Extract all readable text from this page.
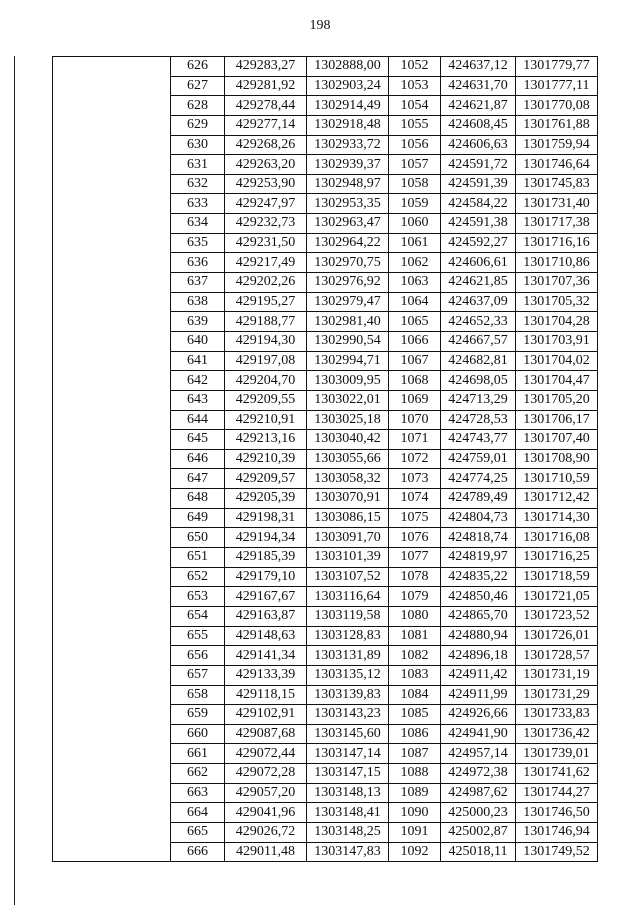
198
	626	429283,27	1302888,00	1052	424637,12	1301779,77
	627	429281,92	1302903,24	1053	424631,70	1301777,11
	628	429278,44	1302914,49	1054	424621,87	1301770,08
	629	429277,14	1302918,48	1055	424608,45	1301761,88
	630	429268,26	1302933,72	1056	424606,63	1301759,94
	631	429263,20	1302939,37	1057	424591,72	1301746,64
	632	429253,90	1302948,97	1058	424591,39	1301745,83
	633	429247,97	1302953,35	1059	424584,22	1301731,40
	634	429232,73	1302963,47	1060	424591,38	1301717,38
	635	429231,50	1302964,22	1061	424592,27	1301716,16
	636	429217,49	1302970,75	1062	424606,61	1301710,86
	637	429202,26	1302976,92	1063	424621,85	1301707,36
	638	429195,27	1302979,47	1064	424637,09	1301705,32
	639	429188,77	1302981,40	1065	424652,33	1301704,28
	640	429194,30	1302990,54	1066	424667,57	1301703,91
	641	429197,08	1302994,71	1067	424682,81	1301704,02
	642	429204,70	1303009,95	1068	424698,05	1301704,47
	643	429209,55	1303022,01	1069	424713,29	1301705,20
	644	429210,91	1303025,18	1070	424728,53	1301706,17
	645	429213,16	1303040,42	1071	424743,77	1301707,40
	646	429210,39	1303055,66	1072	424759,01	1301708,90
	647	429209,57	1303058,32	1073	424774,25	1301710,59
	648	429205,39	1303070,91	1074	424789,49	1301712,42
	649	429198,31	1303086,15	1075	424804,73	1301714,30
	650	429194,34	1303091,70	1076	424818,74	1301716,08
	651	429185,39	1303101,39	1077	424819,97	1301716,25
	652	429179,10	1303107,52	1078	424835,22	1301718,59
	653	429167,67	1303116,64	1079	424850,46	1301721,05
	654	429163,87	1303119,58	1080	424865,70	1301723,52
	655	429148,63	1303128,83	1081	424880,94	1301726,01
	656	429141,34	1303131,89	1082	424896,18	1301728,57
	657	429133,39	1303135,12	1083	424911,42	1301731,19
	658	429118,15	1303139,83	1084	424911,99	1301731,29
	659	429102,91	1303143,23	1085	424926,66	1301733,83
	660	429087,68	1303145,60	1086	424941,90	1301736,42
	661	429072,44	1303147,14	1087	424957,14	1301739,01
	662	429072,28	1303147,15	1088	424972,38	1301741,62
	663	429057,20	1303148,13	1089	424987,62	1301744,27
	664	429041,96	1303148,41	1090	425000,23	1301746,50
	665	429026,72	1303148,25	1091	425002,87	1301746,94
	666	429011,48	1303147,83	1092	425018,11	1301749,52
